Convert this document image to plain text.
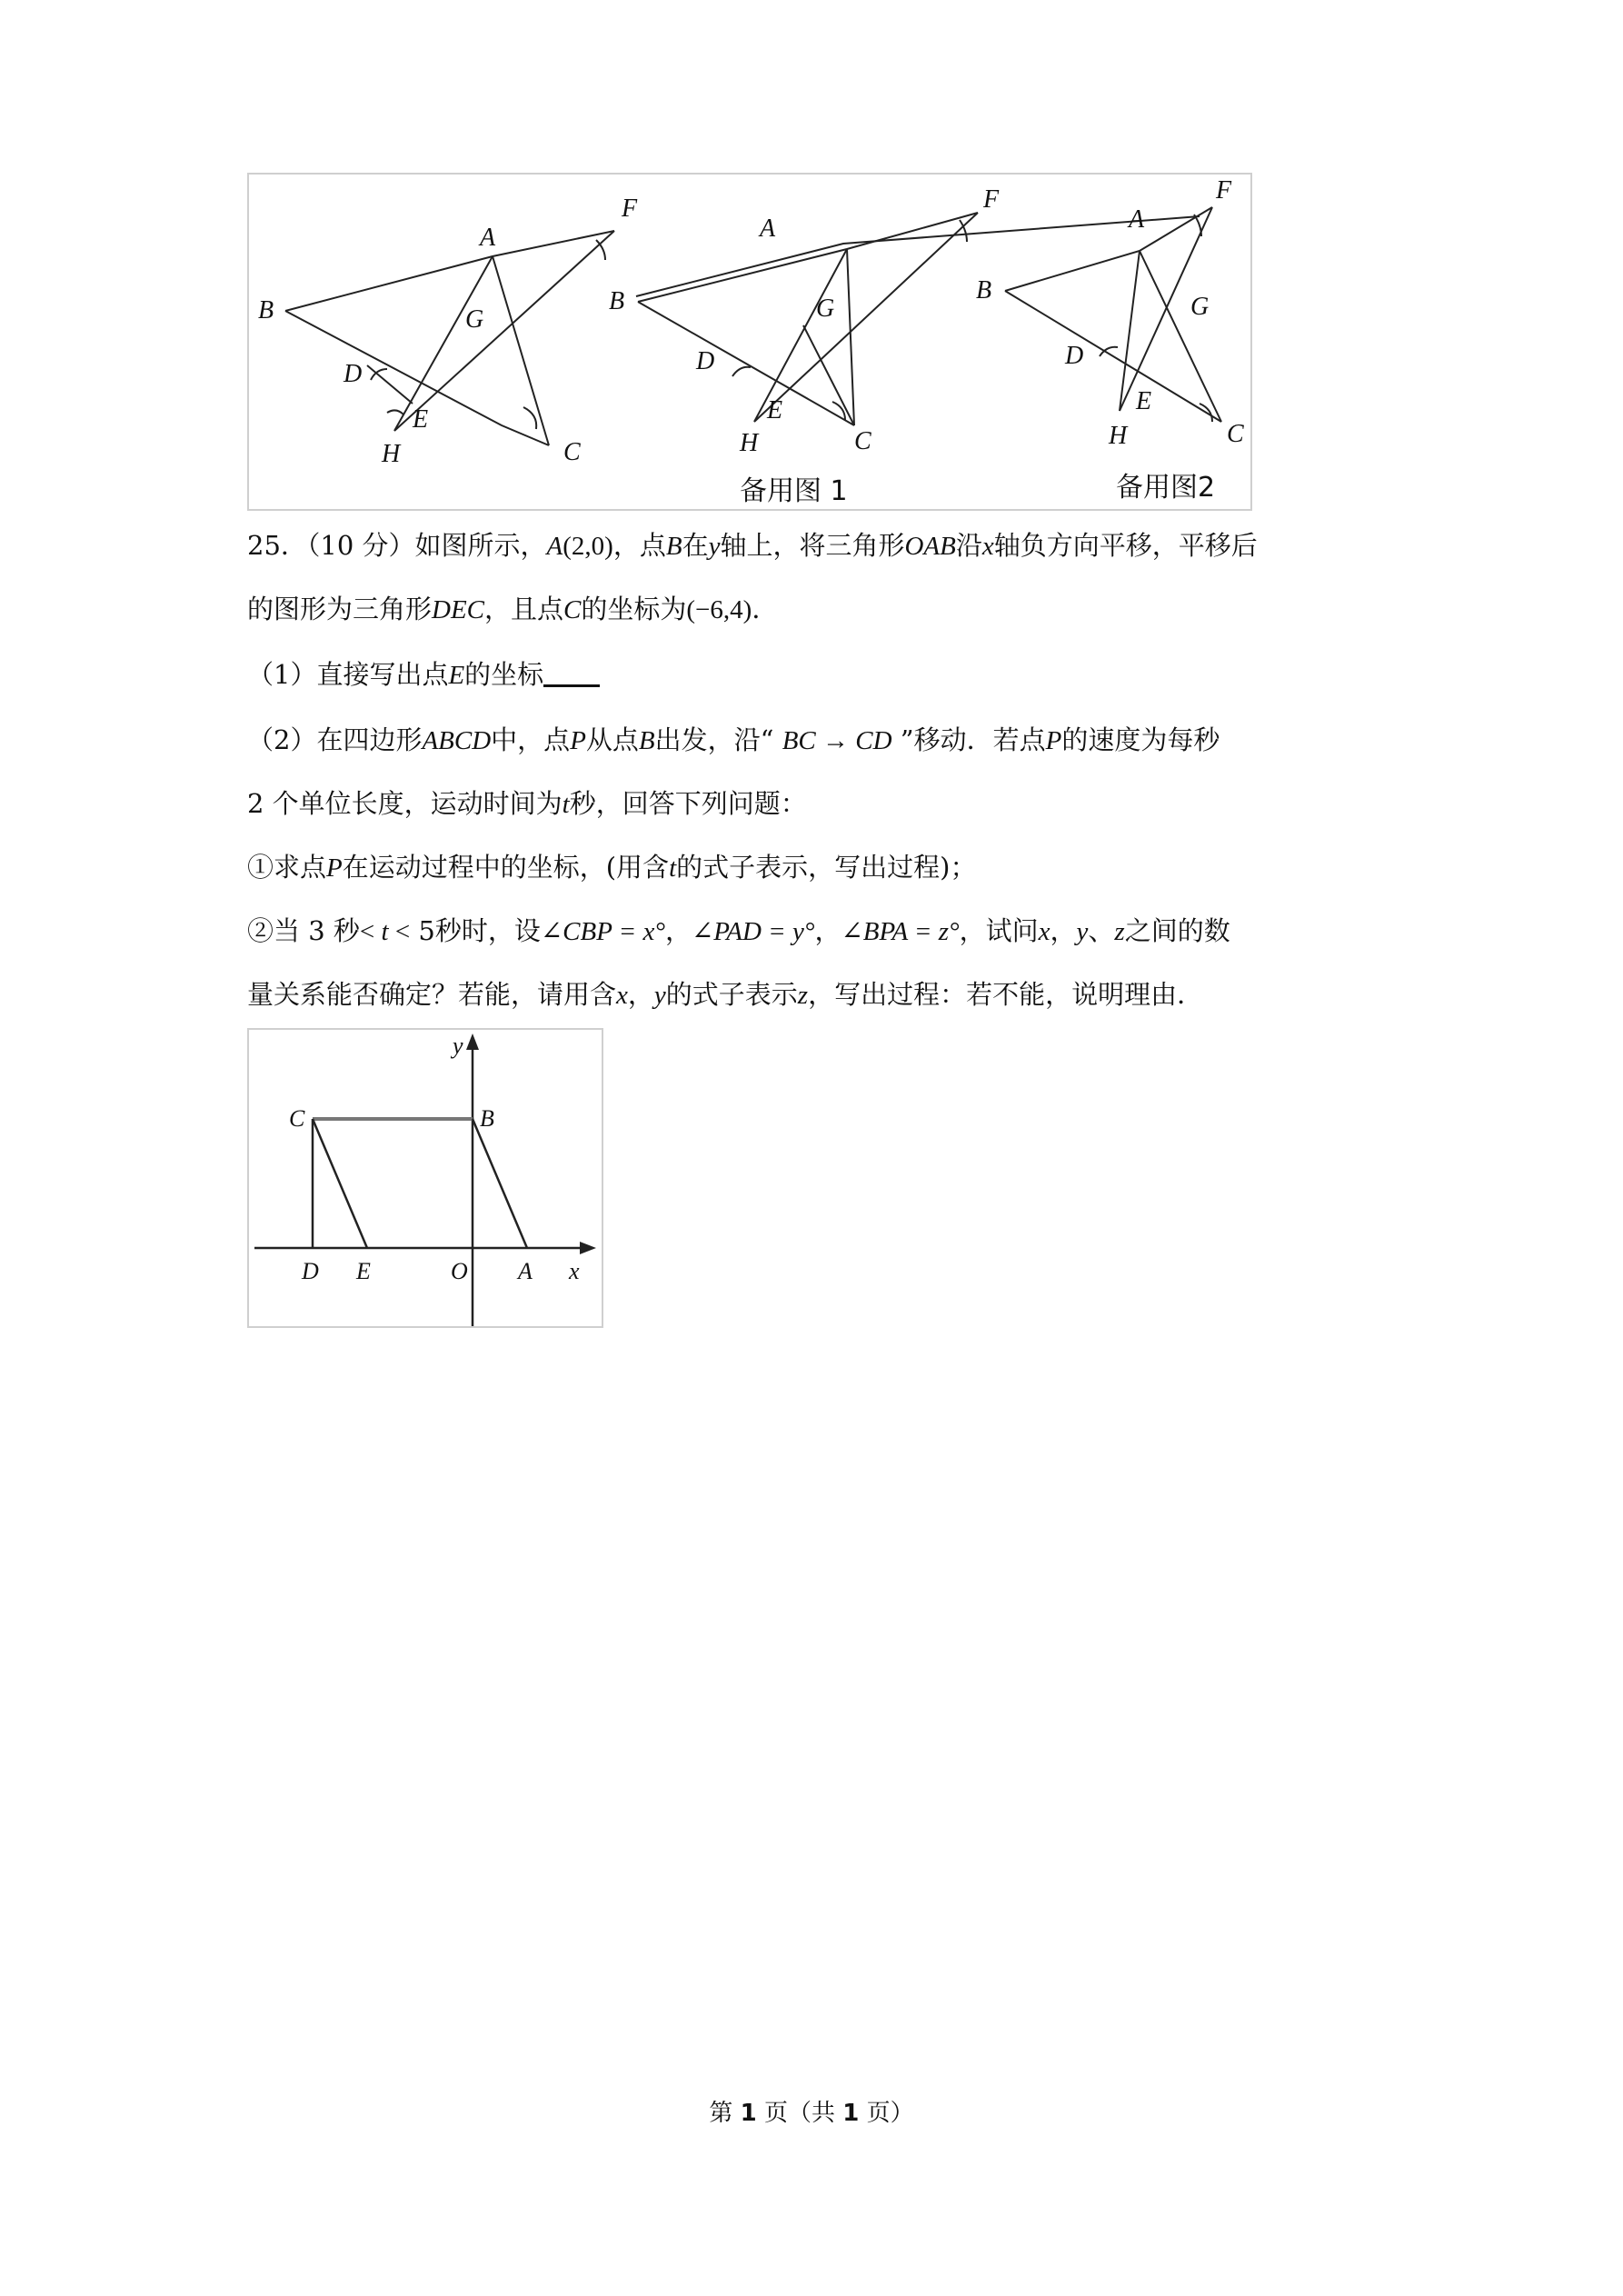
F
A
B	G
D
E
H	C
F
A
B	G
D
E
H	C
F
A
B
G
D
E
H	C
备用图 1	备用图2
25．（10 分）如图所示，A(2,0)，点B在y轴上，将三角形OAB沿x轴负方向平移，平移后
的图形为三角形DEC，且点C的坐标为(−6,4)．
（1）直接写出点E的坐标
（2）在四边形ABCD中，点P从点B出发，沿“ BC → CD ”移动．若点P的速度为每秒
2 个单位长度，运动时间为t秒，回答下列问题：
①求点P在运动过程中的坐标，(用含t的式子表示，写出过程)；
②当 3 秒< t < 5秒时，设∠CBP = x°，∠PAD = y°，∠BPA = z°，试问x，y、z之间的数
量关系能否确定？若能，请用含x，y的式子表示z，写出过程：若不能，说明理由．
y
C	B
D E	O A x
第 1 页（共 1 页）
